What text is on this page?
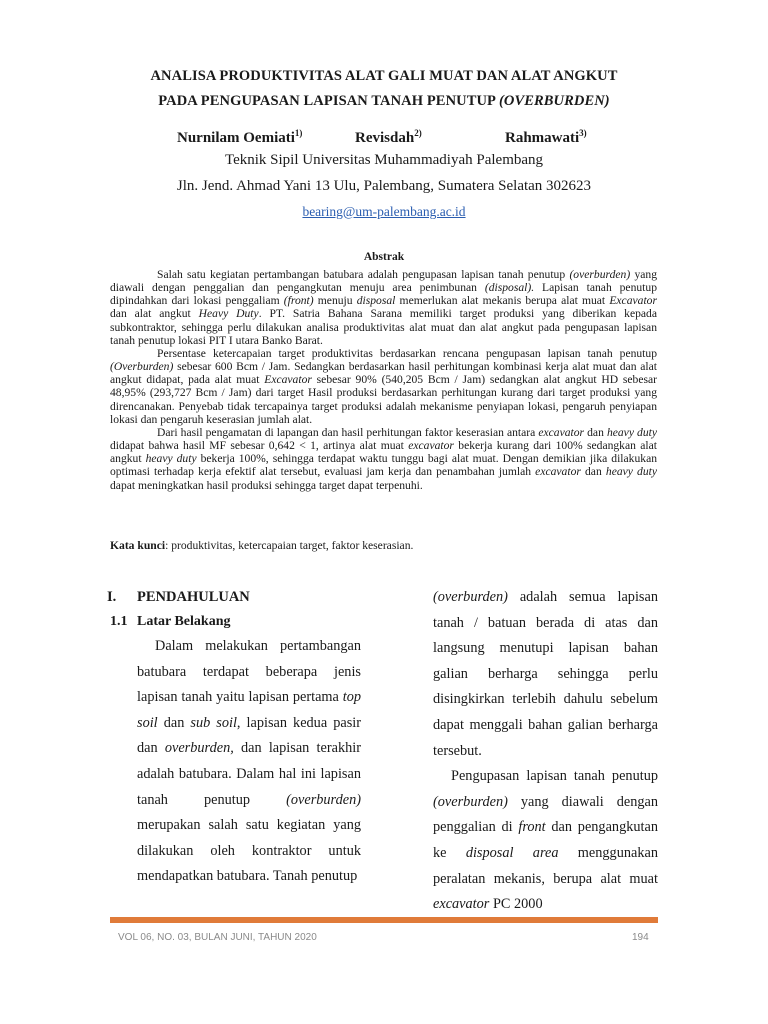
ANALISA PRODUKTIVITAS ALAT GALI MUAT DAN ALAT ANGKUT
PADA PENGUPASAN LAPISAN TANAH PENUTUP (OVERBURDEN)
Nurnilam Oemiati$^{1)}$	Revisdah$^{2)}$	Rahmawati$^{3)}$
Teknik Sipil Universitas Muhammadiyah Palembang
Jln. Jend. Ahmad Yani 13 Ulu, Palembang, Sumatera Selatan 302623
bearing@um-palembang.ac.id
Abstrak

Salah satu kegiatan pertambangan batubara adalah pengupasan lapisan tanah penutup (overburden) yang diawali dengan penggalian dan pengangkutan menuju area penimbunan (disposal). Lapisan tanah penutup dipindahkan dari lokasi penggaliam (front) menuju disposal memerlukan alat mekanis berupa alat muat Excavator dan alat angkut Heavy Duty. PT. Satria Bahana Sarana memiliki target produksi yang diberikan kepada subkontraktor, sehingga perlu dilakukan analisa produktivitas alat muat dan alat angkut pada pengupasan lapisan tanah penutup lokasi PIT I utara Banko Barat.

Persentase ketercapaian target produktivitas berdasarkan rencana pengupasan lapisan tanah penutup (Overburden) sebesar 600 Bcm / Jam. Sedangkan berdasarkan hasil perhitungan kombinasi kerja alat muat dan alat angkut didapat, pada alat muat Excavator sebesar 90% (540,205 Bcm / Jam) sedangkan alat angkut HD sebesar 48,95% (293,727 Bcm / Jam) dari target Hasil produksi berdasarkan perhitungan kurang dari target produksi yang direncanakan. Penyebab tidak tercapainya target produksi adalah mekanisme penyiapan lokasi, pengaruh penyiapan lokasi dan pengaruh keserasian jumlah alat.

Dari hasil pengamatan di lapangan dan hasil perhitungan faktor keserasian antara excavator dan heavy duty didapat bahwa hasil MF sebesar 0,642 < 1, artinya alat muat excavator bekerja kurang dari 100% sedangkan alat angkut heavy duty bekerja 100%, sehingga terdapat waktu tunggu bagi alat muat. Dengan demikian jika dilakukan optimasi terhadap kerja efektif alat tersebut, evaluasi jam kerja dan penambahan jumlah excavator dan heavy duty dapat meningkatkan hasil produksi sehingga target dapat terpenuhi.

Kata kunci: produktivitas, ketercapaian target, faktor keserasian.
I. PENDAHULUAN
1.1 Latar Belakang

Dalam melakukan pertambangan batubara terdapat beberapa jenis lapisan tanah yaitu lapisan pertama top soil dan sub soil, lapisan kedua pasir dan overburden, dan lapisan terakhir adalah batubara. Dalam hal ini lapisan tanah penutup (overburden) merupakan salah satu kegiatan yang dilakukan oleh kontraktor untuk mendapatkan batubara. Tanah penutup

(overburden) adalah semua lapisan tanah / batuan berada di atas dan langsung menutupi lapisan bahan galian berharga sehingga perlu disingkirkan terlebih dahulu sebelum dapat menggali bahan galian berharga tersebut.

Pengupasan lapisan tanah penutup (overburden) yang diawali dengan penggalian di front dan pengangkutan ke disposal area menggunakan peralatan mekanis, berupa alat muat excavator PC 2000

VOL 06, NO. 03, BULAN JUNI, TAHUN 2020	194
